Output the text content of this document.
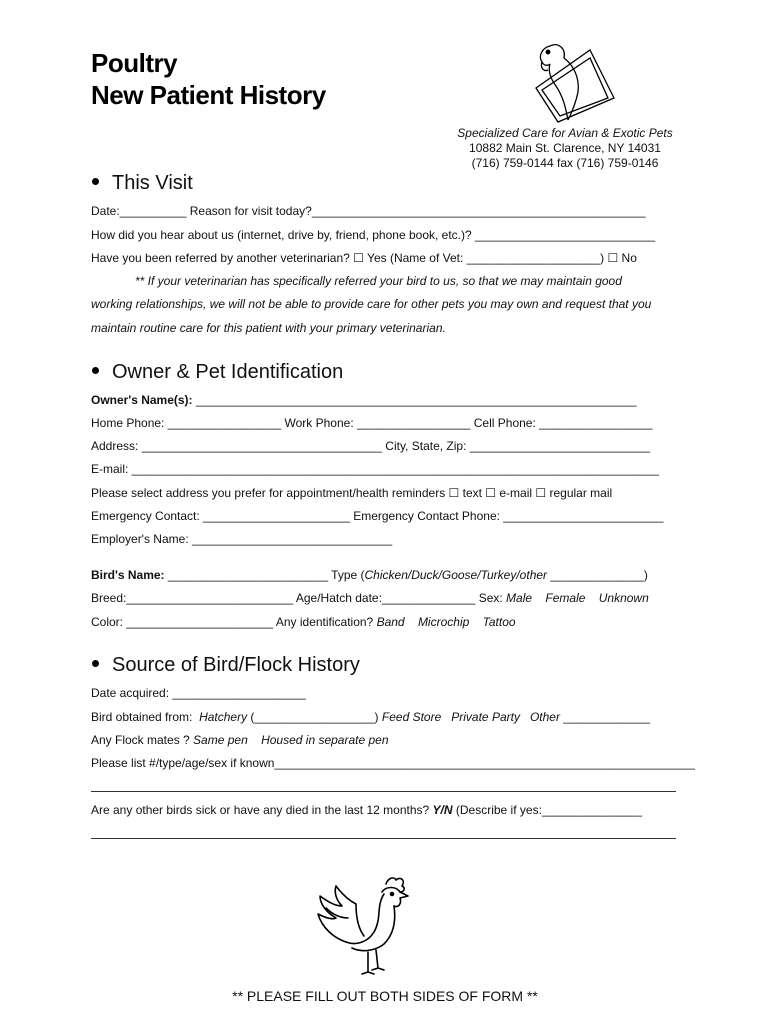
Poultry
New Patient History
Specialized Care for Avian & Exotic Pets
10882 Main St. Clarence, NY 14031
(716) 759-0144 fax (716) 759-0146
This Visit
Date:__________ Reason for visit today?__________________________________________________
How did you hear about us (internet, drive by, friend, phone book, etc.)? ___________________________
Have you been referred by another veterinarian? ☐ Yes (Name of Vet: ____________________) ☐ No
** If your veterinarian has specifically referred your bird to us, so that we may maintain good
working relationships, we will not be able to provide care for other pets you may own and request that you
maintain routine care for this patient with your primary veterinarian.
Owner & Pet Identification
Owner's Name(s): __________________________________________________________________
Home Phone: _________________ Work Phone: _________________ Cell Phone: _________________
Address: ____________________________________ City, State, Zip: ___________________________
E-mail: _______________________________________________________________________________
Please select address you prefer for appointment/health reminders ☐ text ☐ e-mail ☐ regular mail
Emergency Contact: ______________________ Emergency Contact Phone: ________________________
Employer's Name: ______________________________
Bird's Name: ________________________ Type (Chicken/Duck/Goose/Turkey/other ______________)
Breed:_________________________ Age/Hatch date:______________ Sex: Male    Female    Unknown
Color: ______________________ Any identification? Band    Microchip    Tattoo
Source of Bird/Flock History
Date acquired: ____________________
Bird obtained from:  Hatchery (__________________) Feed Store   Private Party   Other _____________
Any Flock mates ? Same pen    Housed in separate pen
Please list #/type/age/sex if known_______________________________________________________________
Are any other birds sick or have any died in the last 12 months? Y/N (Describe if yes:_______________
** PLEASE FILL OUT BOTH SIDES OF FORM **
